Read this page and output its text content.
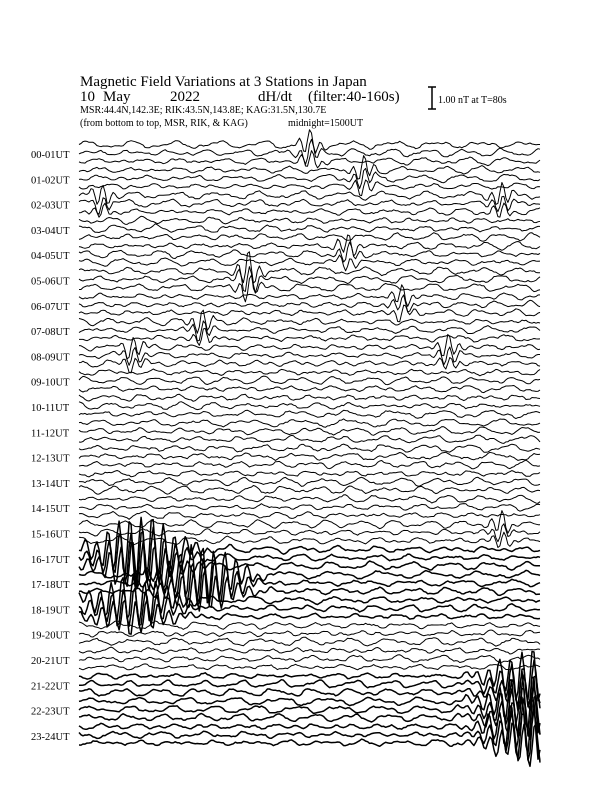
Magnetic Field Variations at 3 Stations in Japan
10 May	2022	dH/dt (filter:40-160s)
MSR:44.4N,142.3E; RIK:43.5N,143.8E; KAG:31.5N,130.7E
(from bottom to top, MSR, RIK, & KAG)	midnight=1500UT
1.00 nT at T=80s
00-01UT
01-02UT
02-03UT
03-04UT
04-05UT
05-06UT
06-07UT
07-08UT
08-09UT
09-10UT
10-11UT
11-12UT
12-13UT
13-14UT
14-15UT
15-16UT
16-17UT
17-18UT
18-19UT
19-20UT
20-21UT
21-22UT
22-23UT
23-24UT
